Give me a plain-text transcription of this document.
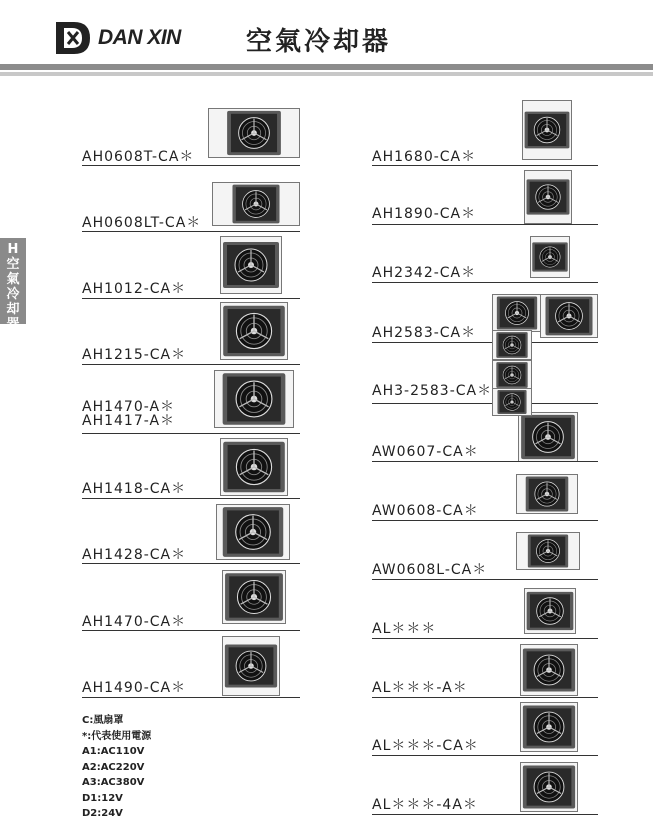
DAN XIN	空氣冷却器
H
空
氣
冷
却
器
AH0608T-CA＊
AH0608LT-CA＊
AH1012-CA＊
AH1215-CA＊
AH1470-A＊
AH1417-A＊
AH1418-CA＊
AH1428-CA＊
AH1470-CA＊
AH1490-CA＊
AH1680-CA＊
AH1890-CA＊
AH2342-CA＊
AH2583-CA＊
AH3-2583-CA＊
AW0607-CA＊
AW0608-CA＊
AW0608L-CA＊
AL＊＊＊
AL＊＊＊-A＊
AL＊＊＊-CA＊
AL＊＊＊-4A＊
C:風扇罩
*:代表使用電源
A1:AC110V
A2:AC220V
A3:AC380V
D1:12V
D2:24V
